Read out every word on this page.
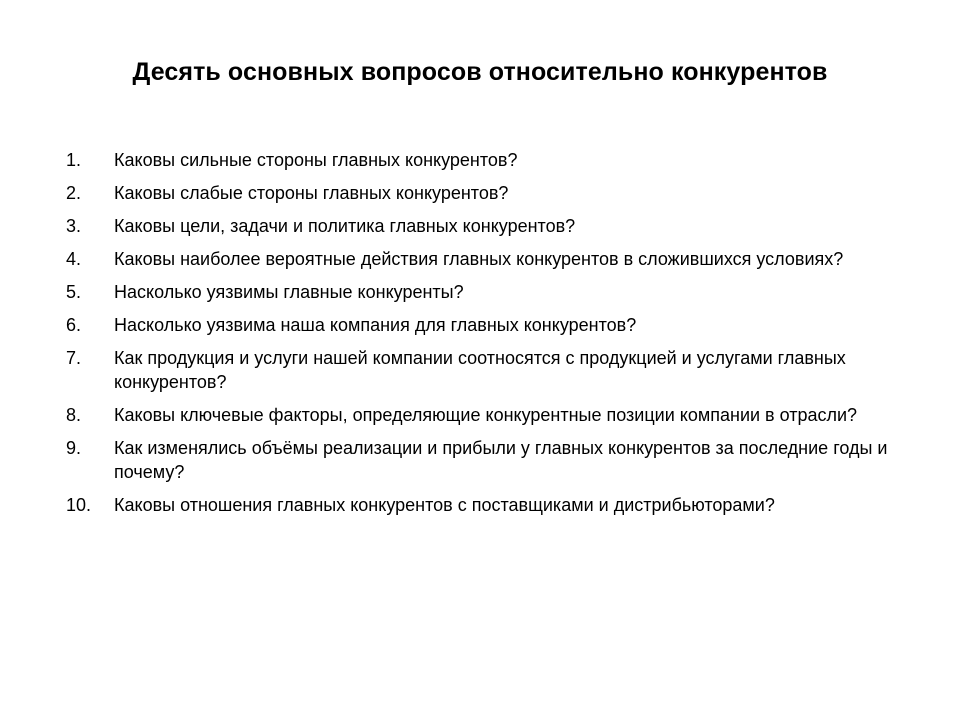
Десять основных вопросов относительно конкурентов
1.	Каковы сильные стороны главных конкурентов?
2.	Каковы слабые стороны главных конкурентов?
3.	Каковы цели, задачи и политика главных конкурентов?
4.	Каковы наиболее вероятные действия главных конкурентов в сложившихся условиях?
5.	Насколько уязвимы главные конкуренты?
6.	Насколько уязвима наша компания для главных конкурентов?
7.	Как продукция и услуги нашей компании соотносятся с продукцией и услугами главных конкурентов?
8.	Каковы ключевые факторы, определяющие конкурентные позиции компании в отрасли?
9.	Как изменялись объёмы реализации и прибыли у главных конкурентов за последние годы и почему?
10.	Каковы отношения главных конкурентов с поставщиками и дистрибьюторами?
